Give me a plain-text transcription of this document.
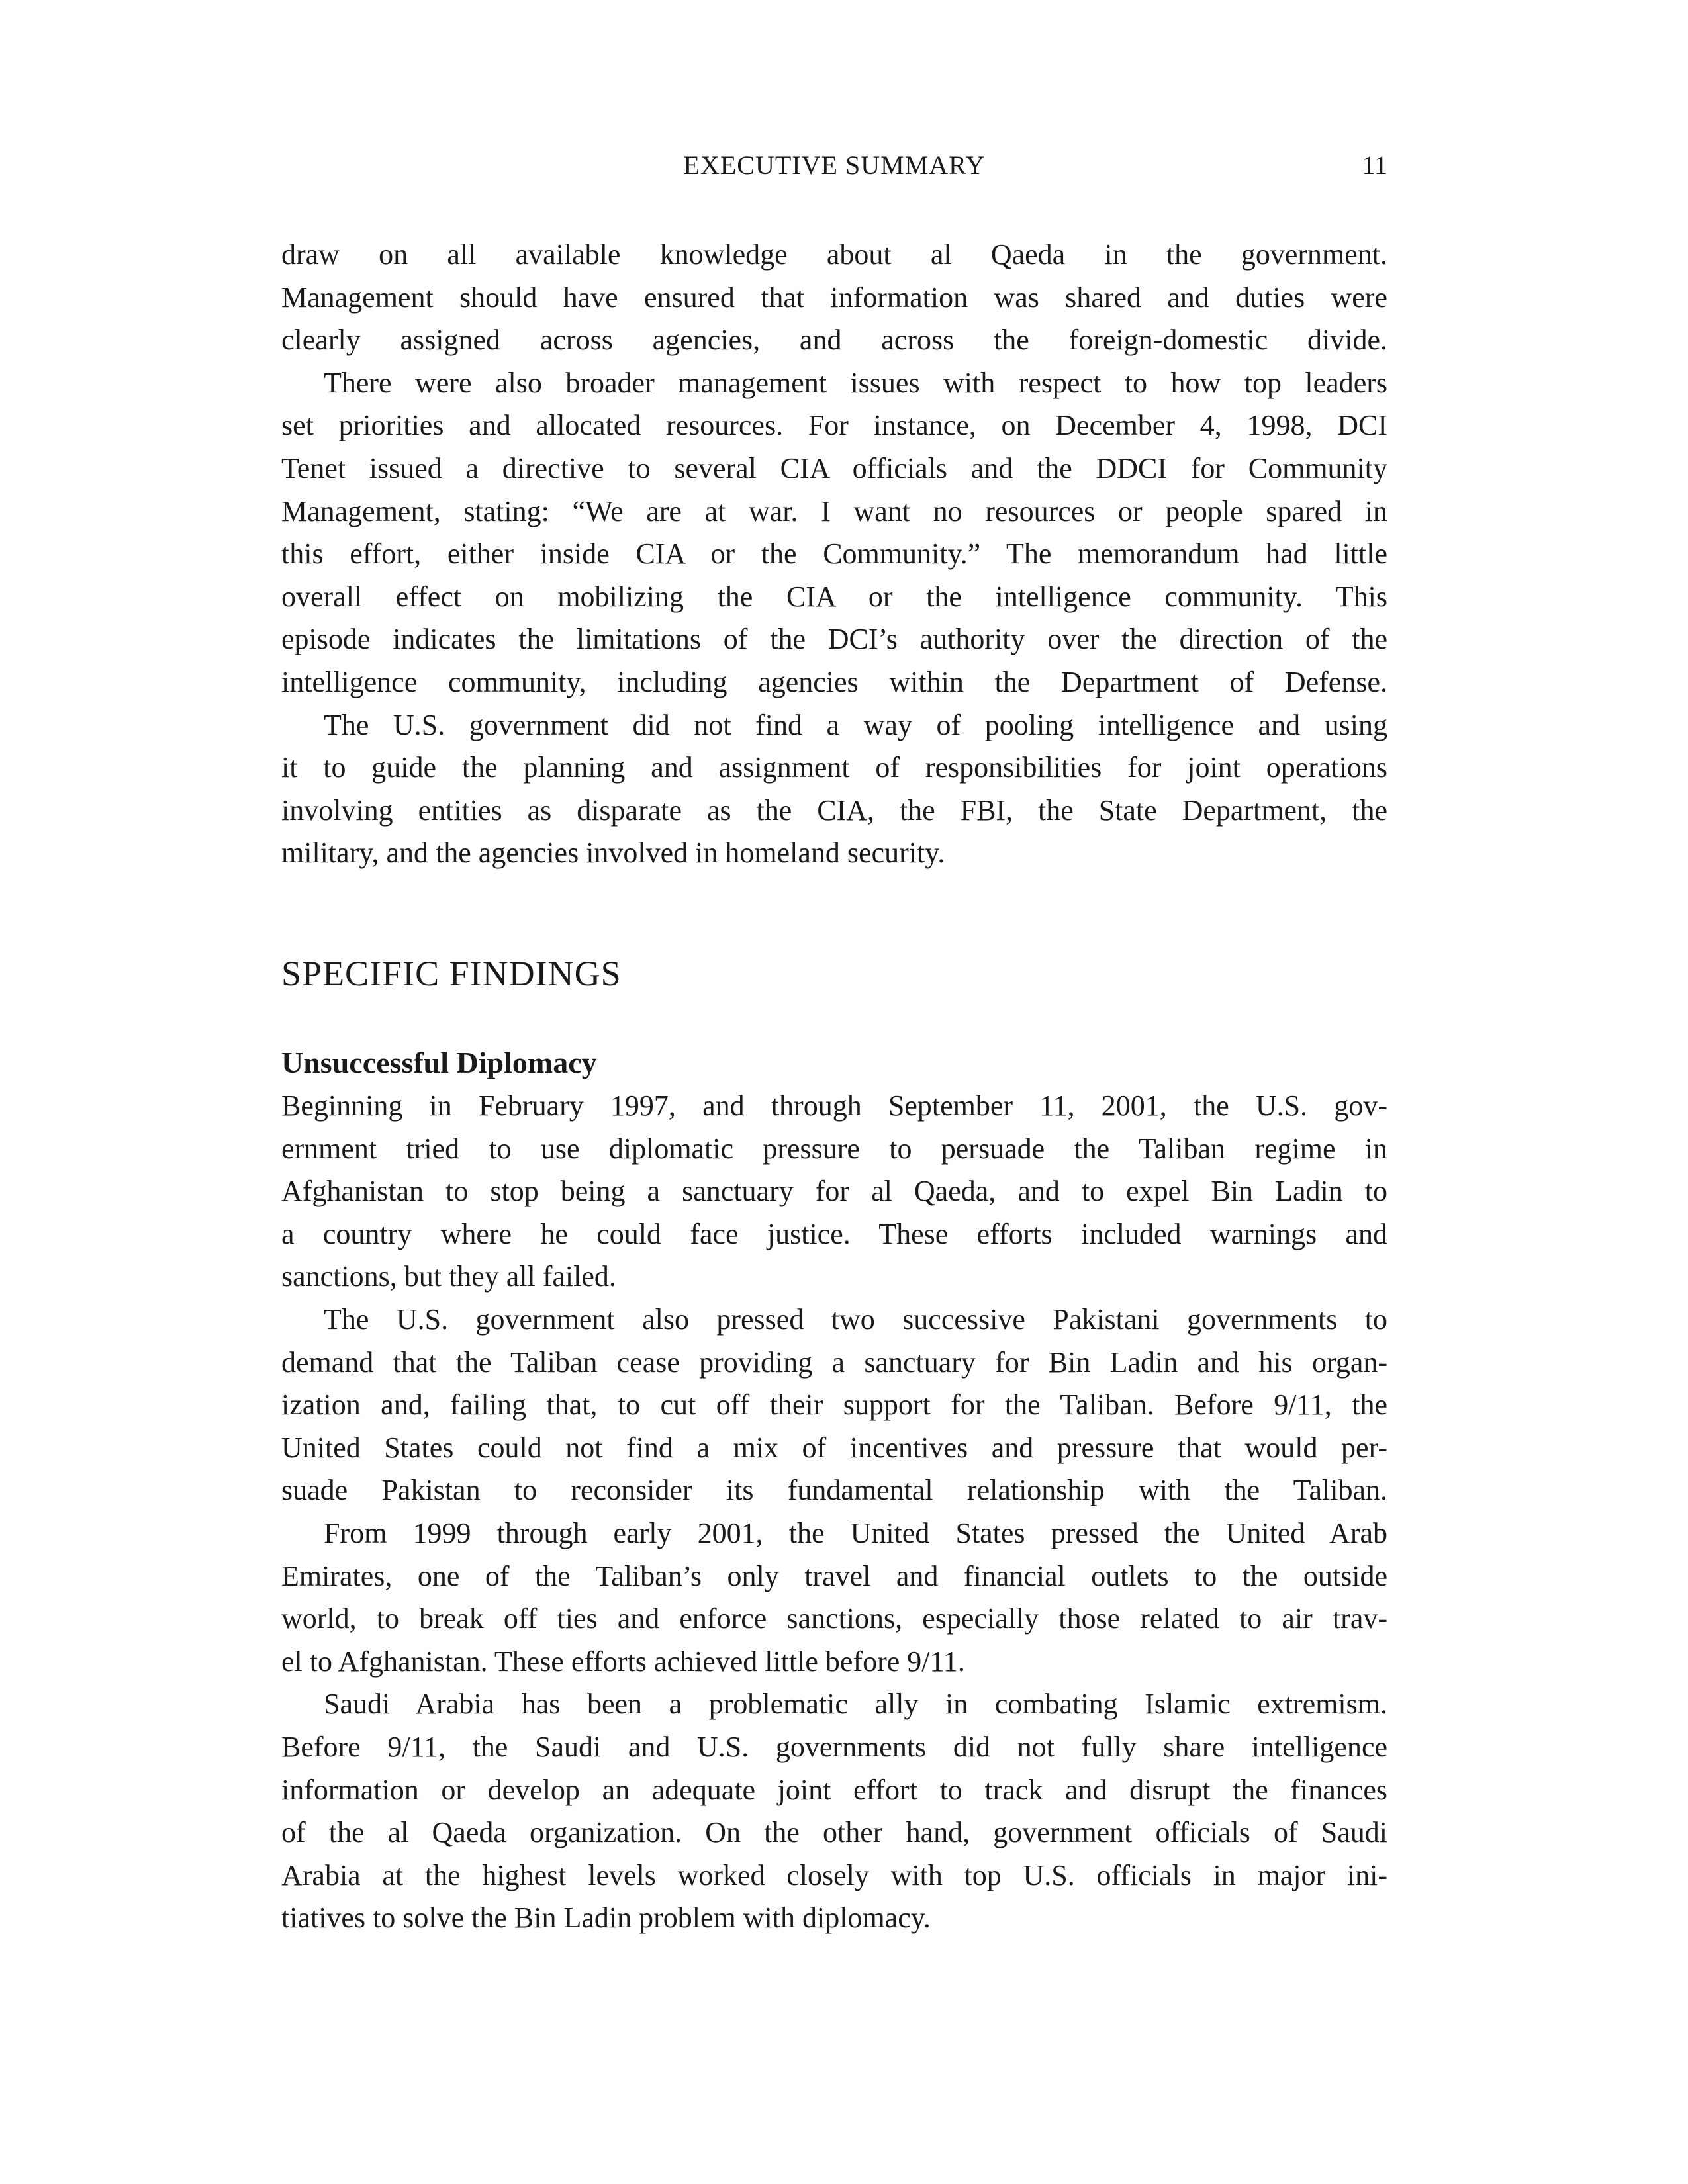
EXECUTIVE SUMMARY	11
draw on all available knowledge about al Qaeda in the government.
Management should have ensured that information was shared and duties were
clearly assigned across agencies, and across the foreign-domestic divide.
There were also broader management issues with respect to how top leaders
set priorities and allocated resources. For instance, on December 4, 1998, DCI
Tenet issued a directive to several CIA officials and the DDCI for Community
Management, stating: “We are at war. I want no resources or people spared in
this effort, either inside CIA or the Community.” The memorandum had little
overall effect on mobilizing the CIA or the intelligence community. This
episode indicates the limitations of the DCI’s authority over the direction of the
intelligence community, including agencies within the Department of Defense.
The U.S. government did not find a way of pooling intelligence and using
it to guide the planning and assignment of responsibilities for joint operations
involving entities as disparate as the CIA, the FBI, the State Department, the
military, and the agencies involved in homeland security.
SPECIFIC FINDINGS
Unsuccessful Diplomacy
Beginning in February 1997, and through September 11, 2001, the U.S. gov-
ernment tried to use diplomatic pressure to persuade the Taliban regime in
Afghanistan to stop being a sanctuary for al Qaeda, and to expel Bin Ladin to
a country where he could face justice. These efforts included warnings and
sanctions, but they all failed.
The U.S. government also pressed two successive Pakistani governments to
demand that the Taliban cease providing a sanctuary for Bin Ladin and his organ-
ization and, failing that, to cut off their support for the Taliban. Before 9/11, the
United States could not find a mix of incentives and pressure that would per-
suade Pakistan to reconsider its fundamental relationship with the Taliban.
From 1999 through early 2001, the United States pressed the United Arab
Emirates, one of the Taliban’s only travel and financial outlets to the outside
world, to break off ties and enforce sanctions, especially those related to air trav-
el to Afghanistan. These efforts achieved little before 9/11.
Saudi Arabia has been a problematic ally in combating Islamic extremism.
Before 9/11, the Saudi and U.S. governments did not fully share intelligence
information or develop an adequate joint effort to track and disrupt the finances
of the al Qaeda organization. On the other hand, government officials of Saudi
Arabia at the highest levels worked closely with top U.S. officials in major ini-
tiatives to solve the Bin Ladin problem with diplomacy.
